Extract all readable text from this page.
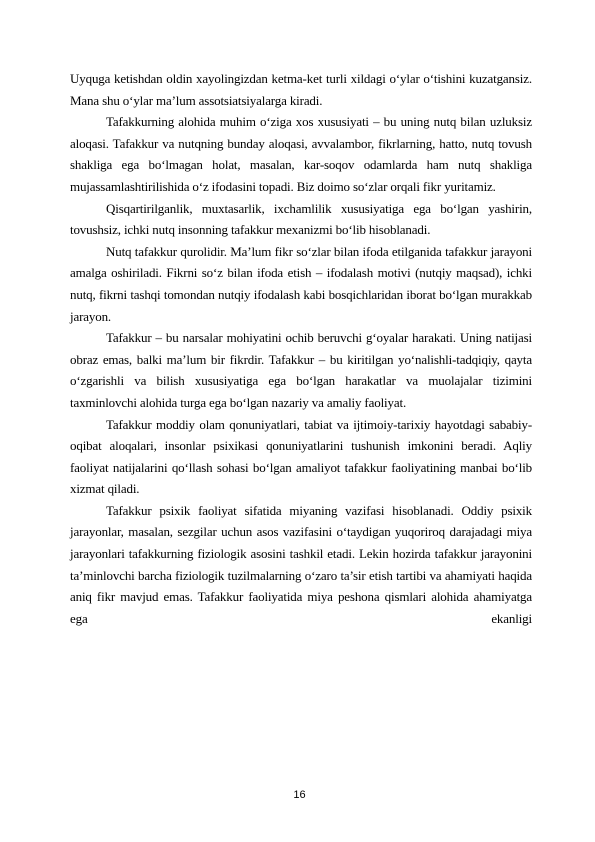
Uyquga ketishdan oldin xayolingizdan ketma-ket turli xildagi o‘ylar o‘tishini kuzatgansiz. Mana shu o‘ylar ma’lum assotsiatsiyalarga kiradi.

Tafakkurning alohida muhim o‘ziga xos xususiyati – bu uning nutq bilan uzluksiz aloqasi. Tafakkur va nutqning bunday aloqasi, avvalambor, fikrlarning, hatto, nutq tovush shakliga ega bo‘lmagan holat, masalan, kar-soqov odamlarda ham nutq shakliga mujassamlashtirilishida o‘z ifodasini topadi. Biz doimo so‘zlar orqali fikr yuritamiz.

Qisqartirilganlik, muxtasarlik, ixchamlilik xususiyatiga ega bo‘lgan yashirin, tovushsiz, ichki nutq insonning tafakkur mexanizmi bo‘lib hisoblanadi.

Nutq tafakkur qurolidir. Ma’lum fikr so‘zlar bilan ifoda etilganida tafakkur jarayoni amalga oshiriladi. Fikrni so‘z bilan ifoda etish – ifodalash motivi (nutqiy maqsad), ichki nutq, fikrni tashqi tomondan nutqiy ifodalash kabi bosqichlaridan iborat bo‘lgan murakkab jarayon.

Tafakkur – bu narsalar mohiyatini ochib beruvchi g‘oyalar harakati. Uning natijasi obraz emas, balki ma’lum bir fikrdir. Tafakkur – bu kiritilgan yo‘nalishli-tadqiqiy, qayta o‘zgarishli va bilish xususiyatiga ega bo‘lgan harakatlar va muolajalar tizimini taxminlovchi alohida turga ega bo‘lgan nazariy va amaliy faoliyat.

Tafakkur moddiy olam qonuniyatlari, tabiat va ijtimoiy-tarixiy hayotdagi sababiy-oqibat aloqalari, insonlar psixikasi qonuniyatlarini tushunish imkonini beradi. Aqliy faoliyat natijalarini qo‘llash sohasi bo‘lgan amaliyot tafakkur faoliyatining manbai bo‘lib xizmat qiladi.

Tafakkur psixik faoliyat sifatida miyaning vazifasi hisoblanadi. Oddiy psixik jarayonlar, masalan, sezgilar uchun asos vazifasini o‘taydigan yuqoriroq darajadagi miya jarayonlari tafakkurning fiziologik asosini tashkil etadi. Lekin hozirda tafakkur jarayonini ta’minlovchi barcha fiziologik tuzilmalarning o‘zaro ta’sir etish tartibi va ahamiyati haqida aniq fikr mavjud emas. Tafakkur faoliyatida miya peshona qismlari alohida ahamiyatga ega ekanligi

16
